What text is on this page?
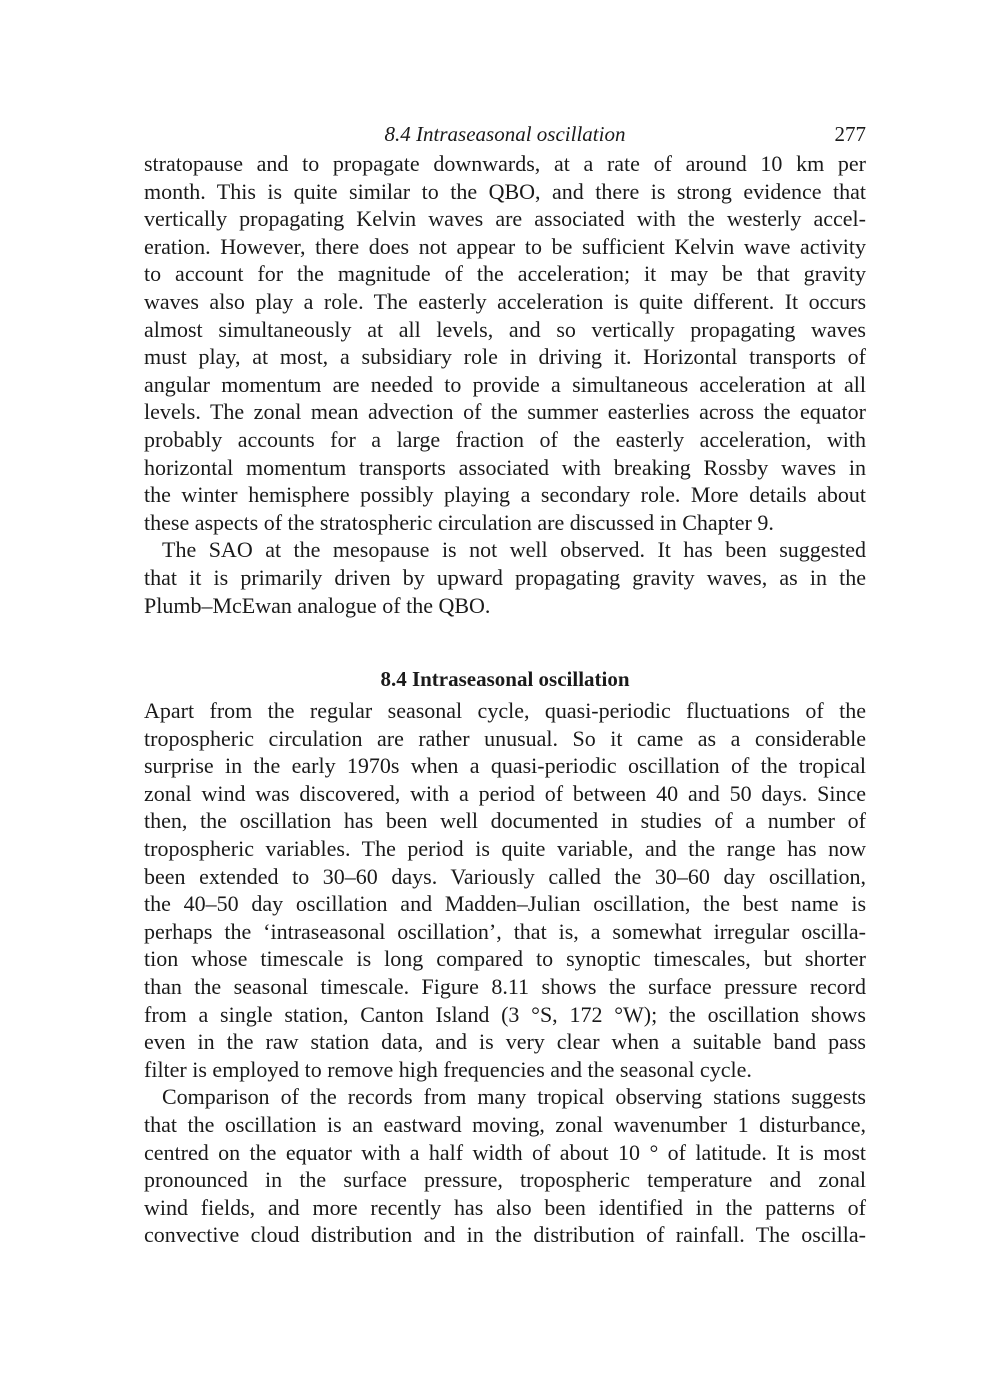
8.4 Intraseasonal oscillation	277

stratopause and to propagate downwards, at a rate of around 10 km per
month. This is quite similar to the QBO, and there is strong evidence that
vertically propagating Kelvin waves are associated with the westerly accel-
eration. However, there does not appear to be sufficient Kelvin wave activity
to account for the magnitude of the acceleration; it may be that gravity
waves also play a role. The easterly acceleration is quite different. It occurs
almost simultaneously at all levels, and so vertically propagating waves
must play, at most, a subsidiary role in driving it. Horizontal transports of
angular momentum are needed to provide a simultaneous acceleration at all
levels. The zonal mean advection of the summer easterlies across the equator
probably accounts for a large fraction of the easterly acceleration, with
horizontal momentum transports associated with breaking Rossby waves in
the winter hemisphere possibly playing a secondary role. More details about
these aspects of the stratospheric circulation are discussed in Chapter 9.

The SAO at the mesopause is not well observed. It has been suggested
that it is primarily driven by upward propagating gravity waves, as in the
Plumb–McEwan analogue of the QBO.

8.4 Intraseasonal oscillation

Apart from the regular seasonal cycle, quasi-periodic fluctuations of the
tropospheric circulation are rather unusual. So it came as a considerable
surprise in the early 1970s when a quasi-periodic oscillation of the tropical
zonal wind was discovered, with a period of between 40 and 50 days. Since
then, the oscillation has been well documented in studies of a number of
tropospheric variables. The period is quite variable, and the range has now
been extended to 30–60 days. Variously called the 30–60 day oscillation,
the 40–50 day oscillation and Madden–Julian oscillation, the best name is
perhaps the ‘intraseasonal oscillation’, that is, a somewhat irregular oscilla-
tion whose timescale is long compared to synoptic timescales, but shorter
than the seasonal timescale. Figure 8.11 shows the surface pressure record
from a single station, Canton Island (3 °S, 172 °W); the oscillation shows
even in the raw station data, and is very clear when a suitable band pass
filter is employed to remove high frequencies and the seasonal cycle.

Comparison of the records from many tropical observing stations suggests
that the oscillation is an eastward moving, zonal wavenumber 1 disturbance,
centred on the equator with a half width of about 10 ° of latitude. It is most
pronounced in the surface pressure, tropospheric temperature and zonal
wind fields, and more recently has also been identified in the patterns of
convective cloud distribution and in the distribution of rainfall. The oscilla-
